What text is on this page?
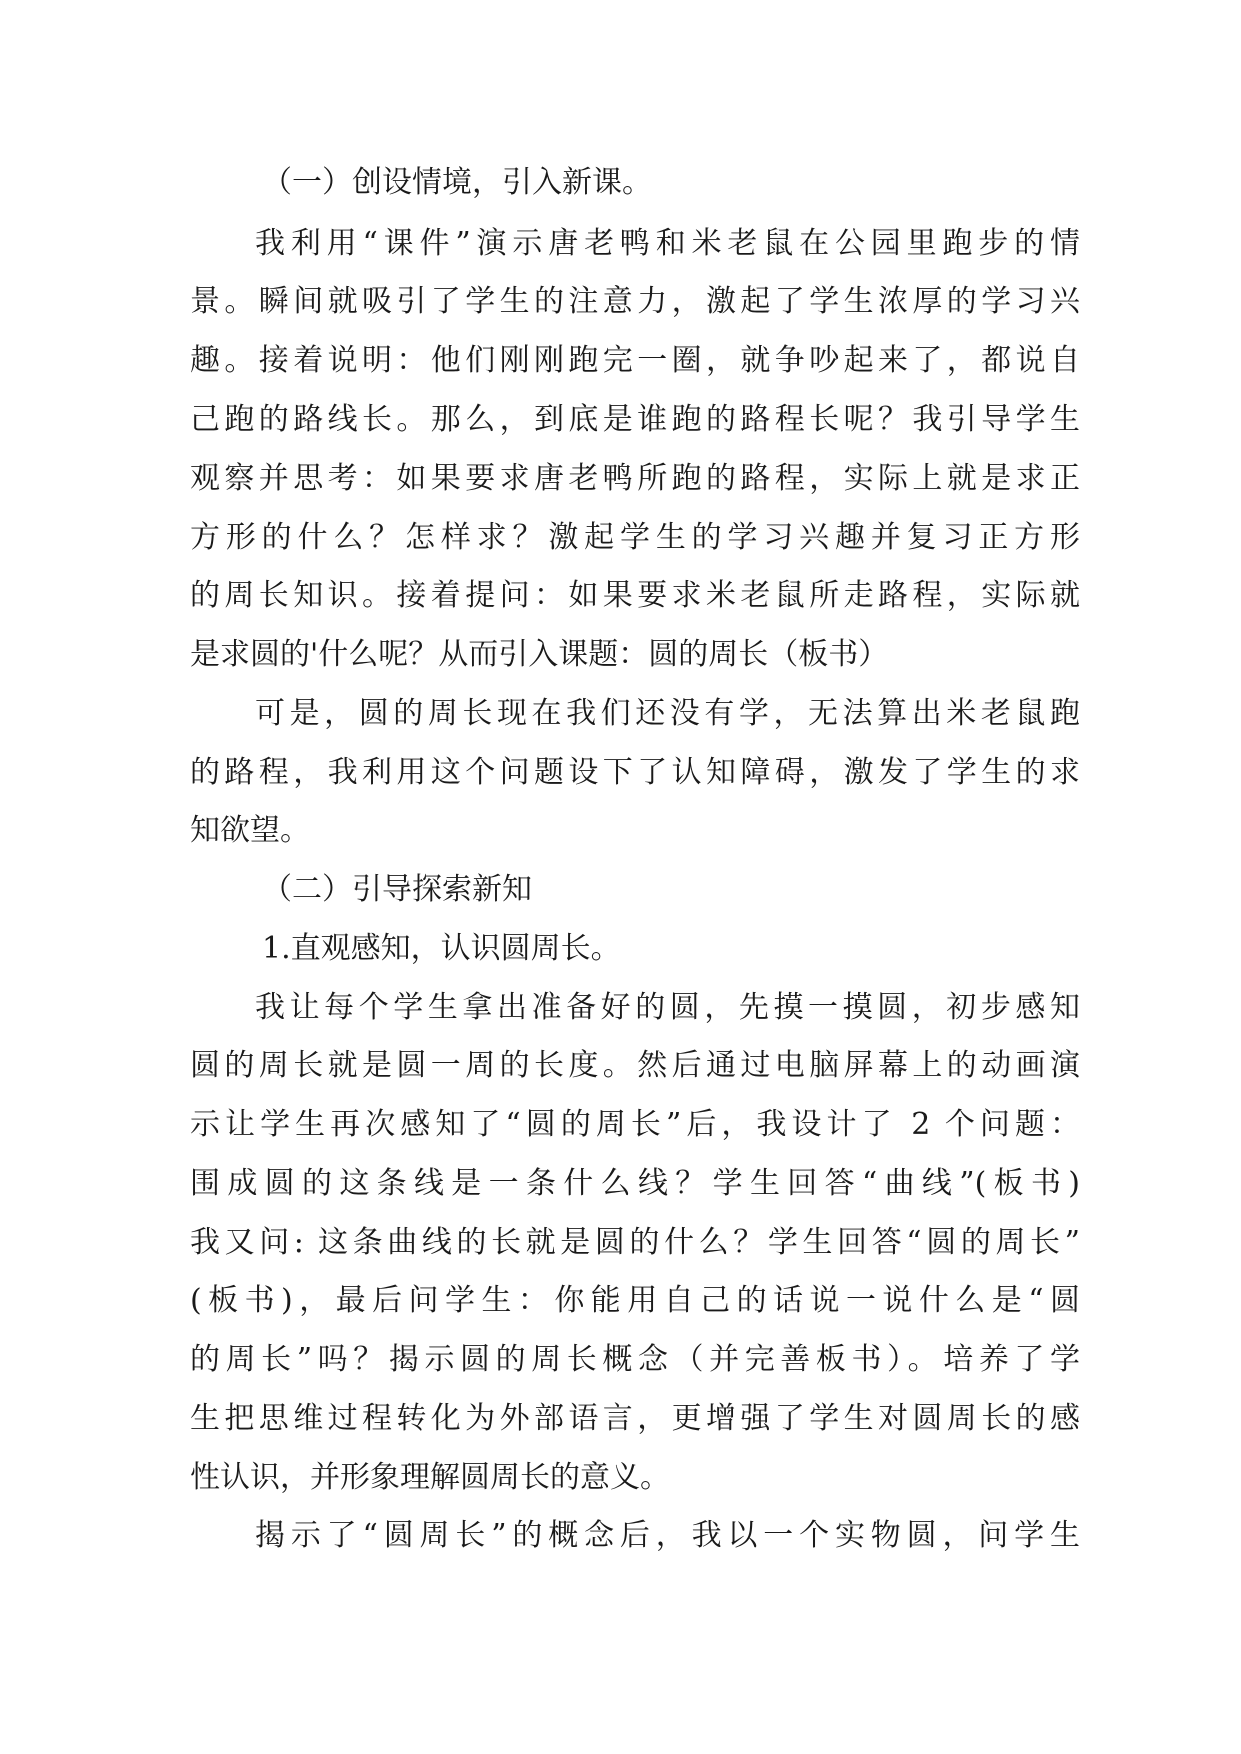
（一）创设情境，引入新课。
我利用“课件”演示唐老鸭和米老鼠在公园里跑步的情
景。瞬间就吸引了学生的注意力，激起了学生浓厚的学习兴
趣。接着说明：他们刚刚跑完一圈，就争吵起来了，都说自
己跑的路线长。那么，到底是谁跑的路程长呢？我引导学生
观察并思考：如果要求唐老鸭所跑的路程，实际上就是求正
方形的什么？怎样求？激起学生的学习兴趣并复习正方形
的周长知识。接着提问：如果要求米老鼠所走路程，实际就
是求圆的'什么呢？从而引入课题：圆的周长（板书）
可是，圆的周长现在我们还没有学，无法算出米老鼠跑
的路程，我利用这个问题设下了认知障碍，激发了学生的求
知欲望。
（二）引导探索新知
1.直观感知，认识圆周长。
我让每个学生拿出准备好的圆，先摸一摸圆，初步感知
圆的周长就是圆一周的长度。然后通过电脑屏幕上的动画演
示让学生再次感知了“圆的周长”后，我设计了 2 个问题：
围成圆的这条线是一条什么线？学生回答“曲线”(板书)
我又问: 这条曲线的长就是圆的什么？学生回答“圆的周长”
(板书)，最后问学生：你能用自己的话说一说什么是“圆
的周长”吗？揭示圆的周长概念（并完善板书）。培养了学
生把思维过程转化为外部语言，更增强了学生对圆周长的感
性认识，并形象理解圆周长的意义。
揭示了“圆周长”的概念后，我以一个实物圆，问学生
